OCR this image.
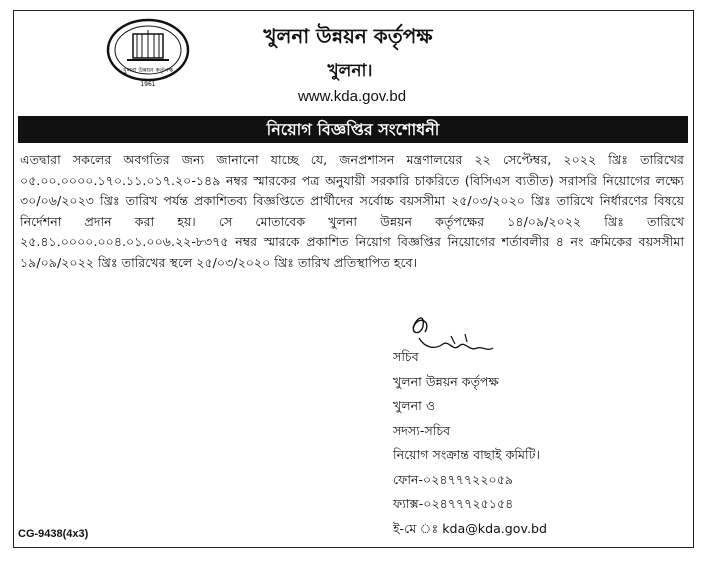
খুলনা উন্নয়ন কর্তৃপক্ষ
1961
খুলনা উন্নয়ন কর্তৃপক্ষ
খুলনা।
www.kda.gov.bd
নিয়োগ বিজ্ঞপ্তির সংশোধনী

এতদ্বারা সকলের অবগতির জন্য জানানো যাচ্ছে যে, জনপ্রশাসন মন্ত্রণালয়ের ২২ সেপ্টেম্বর, ২০২২ খ্রিঃ তারিখের ০৫.০০.০০০০.১৭০.১১.০১৭.২০-১৪৯ নম্বর স্মারকের পত্র অনুযায়ী সরকারি চাকরিতে (বিসিএস ব্যতীত) সরাসরি নিয়োগের লক্ষ্যে ৩০/০৬/২০২৩ খ্রিঃ তারিখ পর্যন্ত প্রকাশিতব্য বিজ্ঞপ্তিতে প্রার্থীদের সর্বোচ্চ বয়সসীমা ২৫/০৩/২০২০ খ্রিঃ তারিখে নির্ধারণের বিষয়ে নির্দেশনা প্রদান করা হয়। সে মোতাবেক খুলনা উন্নয়ন কর্তৃপক্ষের ১৪/০৯/২০২২ খ্রিঃ তারিখে ২৫.৪১.০০০০.০০৪.০১.০০৬.২২-৮৩৭৫ নম্বর স্মারকে প্রকাশিত নিয়োগ বিজ্ঞপ্তির নিয়োগের শর্তাবলীর ৪ নং ক্রমিকের বয়সসীমা ১৯/০৯/২০২২ খ্রিঃ তারিখের স্থলে ২৫/০৩/২০২০ খ্রিঃ তারিখ প্রতিস্থাপিত হবে।

সচিব
খুলনা উন্নয়ন কর্তৃপক্ষ
খুলনা ও
সদস্য-সচিব
নিয়োগ সংক্রান্ত বাছাই কমিটি।
ফোন-০২৪৭৭৭২২০৫৯
ফ্যাক্স-০২৪৭৭৭২৫১৫৪
ই-মে ঃ kda@kda.gov.bd
CG-9438(4x3)
